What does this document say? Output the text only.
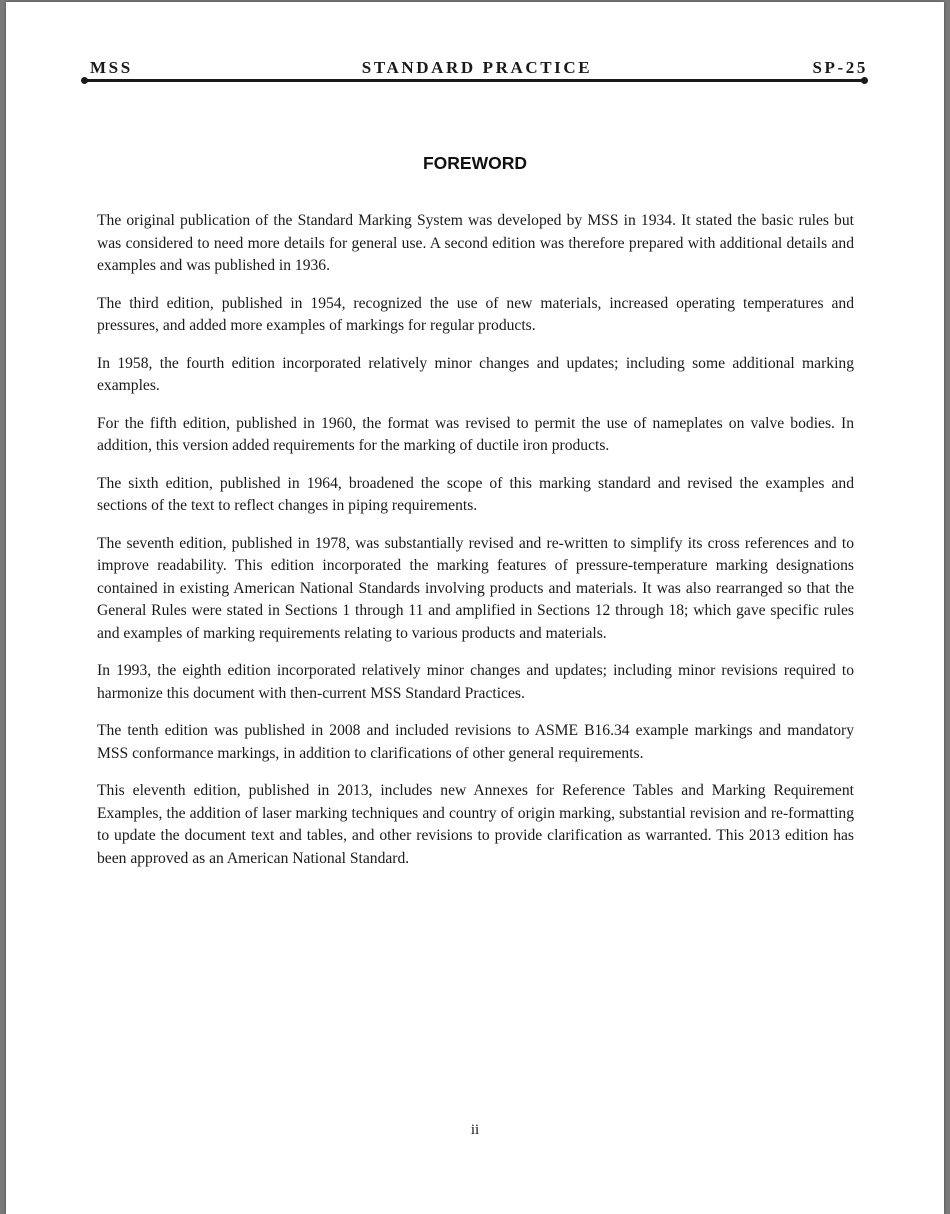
MSS	STANDARD PRACTICE	SP-25
FOREWORD

The original publication of the Standard Marking System was developed by MSS in 1934. It stated the basic rules but was considered to need more details for general use. A second edition was therefore prepared with additional details and examples and was published in 1936.

The third edition, published in 1954, recognized the use of new materials, increased operating temperatures and pressures, and added more examples of markings for regular products.

In 1958, the fourth edition incorporated relatively minor changes and updates; including some additional marking examples.

For the fifth edition, published in 1960, the format was revised to permit the use of nameplates on valve bodies. In addition, this version added requirements for the marking of ductile iron products.

The sixth edition, published in 1964, broadened the scope of this marking standard and revised the examples and sections of the text to reflect changes in piping requirements.

The seventh edition, published in 1978, was substantially revised and re-written to simplify its cross references and to improve readability. This edition incorporated the marking features of pressure-temperature marking designations contained in existing American National Standards involving products and materials. It was also rearranged so that the General Rules were stated in Sections 1 through 11 and amplified in Sections 12 through 18; which gave specific rules and examples of marking requirements relating to various products and materials.

In 1993, the eighth edition incorporated relatively minor changes and updates; including minor revisions required to harmonize this document with then-current MSS Standard Practices.

The tenth edition was published in 2008 and included revisions to ASME B16.34 example markings and mandatory MSS conformance markings, in addition to clarifications of other general requirements.

This eleventh edition, published in 2013, includes new Annexes for Reference Tables and Marking Requirement Examples, the addition of laser marking techniques and country of origin marking, substantial revision and re-formatting to update the document text and tables, and other revisions to provide clarification as warranted. This 2013 edition has been approved as an American National Standard.

ii
